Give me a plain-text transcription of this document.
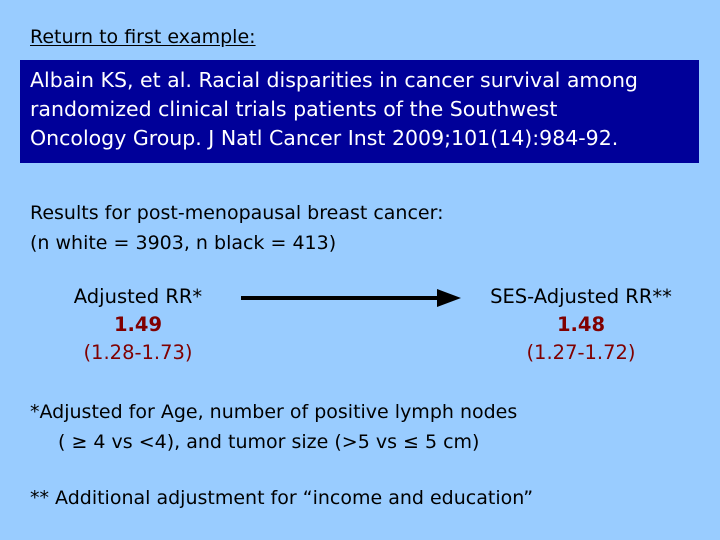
Return to first example:
Albain KS, et al. Racial disparities in cancer survival among
randomized clinical trials patients of the Southwest
Oncology Group. J Natl Cancer Inst 2009;101(14):984-92.
Results for post-menopausal breast cancer:
(n white = 3903, n black = 413)
Adjusted RR*
1.49
(1.28-1.73)
SES-Adjusted RR**
1.48
(1.27-1.72)
*Adjusted for Age, number of positive lymph nodes
( ≥ 4 vs <4), and tumor size (>5 vs ≤ 5 cm)
** Additional adjustment for “income and education”
